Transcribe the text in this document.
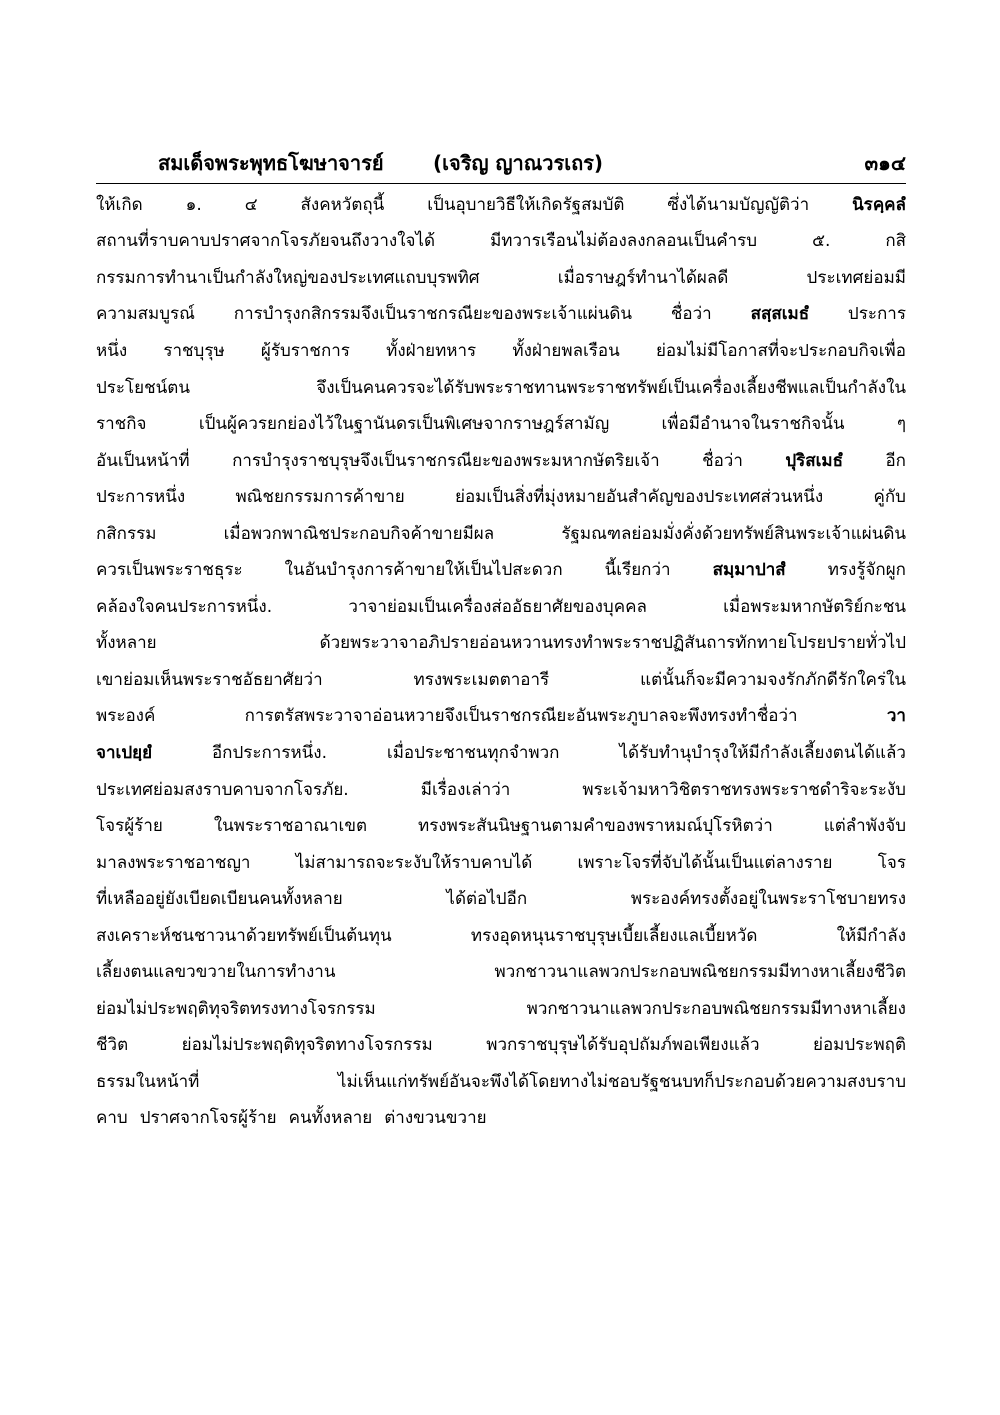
สมเด็จพระพุทธโฆษาจารย์ (เจริญ ญาณวรเถร)	๓๑๔
ให้เกิด	๑.	๔	สังคหวัตถุนี้	เป็นอุบายวิธีให้เกิดรัฐสมบัติ	ซึ่งได้นามบัญญัติว่า	นิรคฺคลํ
สถานที่ราบคาบปราศจากโจรภัยจนถึงวางใจได้	มีทวารเรือนไม่ต้องลงกลอนเป็นคำรบ	๕.	กสิ
กรรมการทำนาเป็นกำลังใหญ่ของประเทศแถบบุรพทิศ	เมื่อราษฎร์ทำนาได้ผลดี	ประเทศย่อมมี
ความสมบูรณ์ การบำรุงกสิกรรมจึงเป็นราชกรณียะของพระเจ้าแผ่นดิน ชื่อว่า สสฺสเมธํ ประการ
หนึ่ง ราชบุรุษ ผู้รับราชการ ทั้งฝ่ายทหาร ทั้งฝ่ายพลเรือน ย่อมไม่มีโอกาสที่จะประกอบกิจเพื่อ
ประโยชน์ตน	จึงเป็นคนควรจะได้รับพระราชทานพระราชทรัพย์เป็นเครื่องเลี้ยงชีพแลเป็นกำลังใน
ราชกิจ	เป็นผู้ควรยกย่องไว้ในฐานันดรเป็นพิเศษจากราษฎร์สามัญ	เพื่อมีอำนาจในราชกิจนั้น	ๆ
อันเป็นหน้าที่ การบำรุงราชบุรุษจึงเป็นราชกรณียะของพระมหากษัตริยเจ้า ชื่อว่า ปุริสเมธํ อีก
ประการหนึ่ง	พณิชยกรรมการค้าขาย	ย่อมเป็นสิ่งที่มุ่งหมายอันสำคัญของประเทศส่วนหนึ่ง	คู่กับ
กสิกรรม	เมื่อพวกพาณิชประกอบกิจค้าขายมีผล	รัฐมณฑลย่อมมั่งคั่งด้วยทรัพย์สินพระเจ้าแผ่นดิน
ควรเป็นพระราชธุระ ในอันบำรุงการค้าขายให้เป็นไปสะดวก นี้เรียกว่า สมฺมาปาสํ ทรงรู้จักผูก
คล้องใจคนประการหนึ่ง.	วาจาย่อมเป็นเครื่องส่ออัธยาศัยของบุคคล	เมื่อพระมหากษัตริย์กะชน
ทั้งหลาย	ด้วยพระวาจาอภิปรายอ่อนหวานทรงทำพระราชปฏิสันถารทักทายโปรยปรายทั่วไป
เขาย่อมเห็นพระราชอัธยาศัยว่า	ทรงพระเมตตาอารี	แต่นั้นก็จะมีความจงรักภักดีรักใคร่ใน
พระองค์	การตรัสพระวาจาอ่อนหวายจึงเป็นราชกรณียะอันพระภูบาลจะพึงทรงทำชื่อว่า	วา
จาเปยฺยํ	อีกประการหนึ่ง.	เมื่อประชาชนทุกจำพวก	ได้รับทำนุบำรุงให้มีกำลังเลี้ยงตนได้แล้ว
ประเทศย่อมสงราบคาบจากโจรภัย.	มีเรื่องเล่าว่า	พระเจ้ามหาวิชิตราชทรงพระราชดำริจะระงับ
โจรผู้ร้าย	ในพระราชอาณาเขต	ทรงพระสันนิษฐานตามคำของพราหมณ์ปุโรหิตว่า	แต่ลำพังจับ
มาลงพระราชอาชญา	ไม่สามารถจะระงับให้ราบคาบได้	เพราะโจรที่จับได้นั้นเป็นแต่ลางราย	โจร
ที่เหลืออยู่ยังเบียดเบียนคนทั้งหลาย	ได้ต่อไปอีก	พระองค์ทรงตั้งอยู่ในพระราโชบายทรง
สงเคราะห์ชนชาวนาด้วยทรัพย์เป็นต้นทุน	ทรงอุดหนุนราชบุรุษเบี้ยเลี้ยงแลเบี้ยหวัด	ให้มีกำลัง
เลี้ยงตนแลขวขวายในการทำงาน	พวกชาวนาแลพวกประกอบพณิชยกรรมมีทางหาเลี้ยงชีวิต
ย่อมไม่ประพฤติทุจริตทรงทางโจรกรรม	พวกชาวนาแลพวกประกอบพณิชยกรรมมีทางหาเลี้ยง
ชีวิต	ย่อมไม่ประพฤติทุจริตทางโจรกรรม	พวกราชบุรุษได้รับอุปถัมภ์พอเพียงแล้ว	ย่อมประพฤติ
ธรรมในหน้าที่	ไม่เห็นแก่ทรัพย์อันจะพึงได้โดยทางไม่ชอบรัฐชนบทก็ประกอบด้วยความสงบราบ
คาบ ปราศจากโจรผู้ร้าย คนทั้งหลาย ต่างขวนขวาย
